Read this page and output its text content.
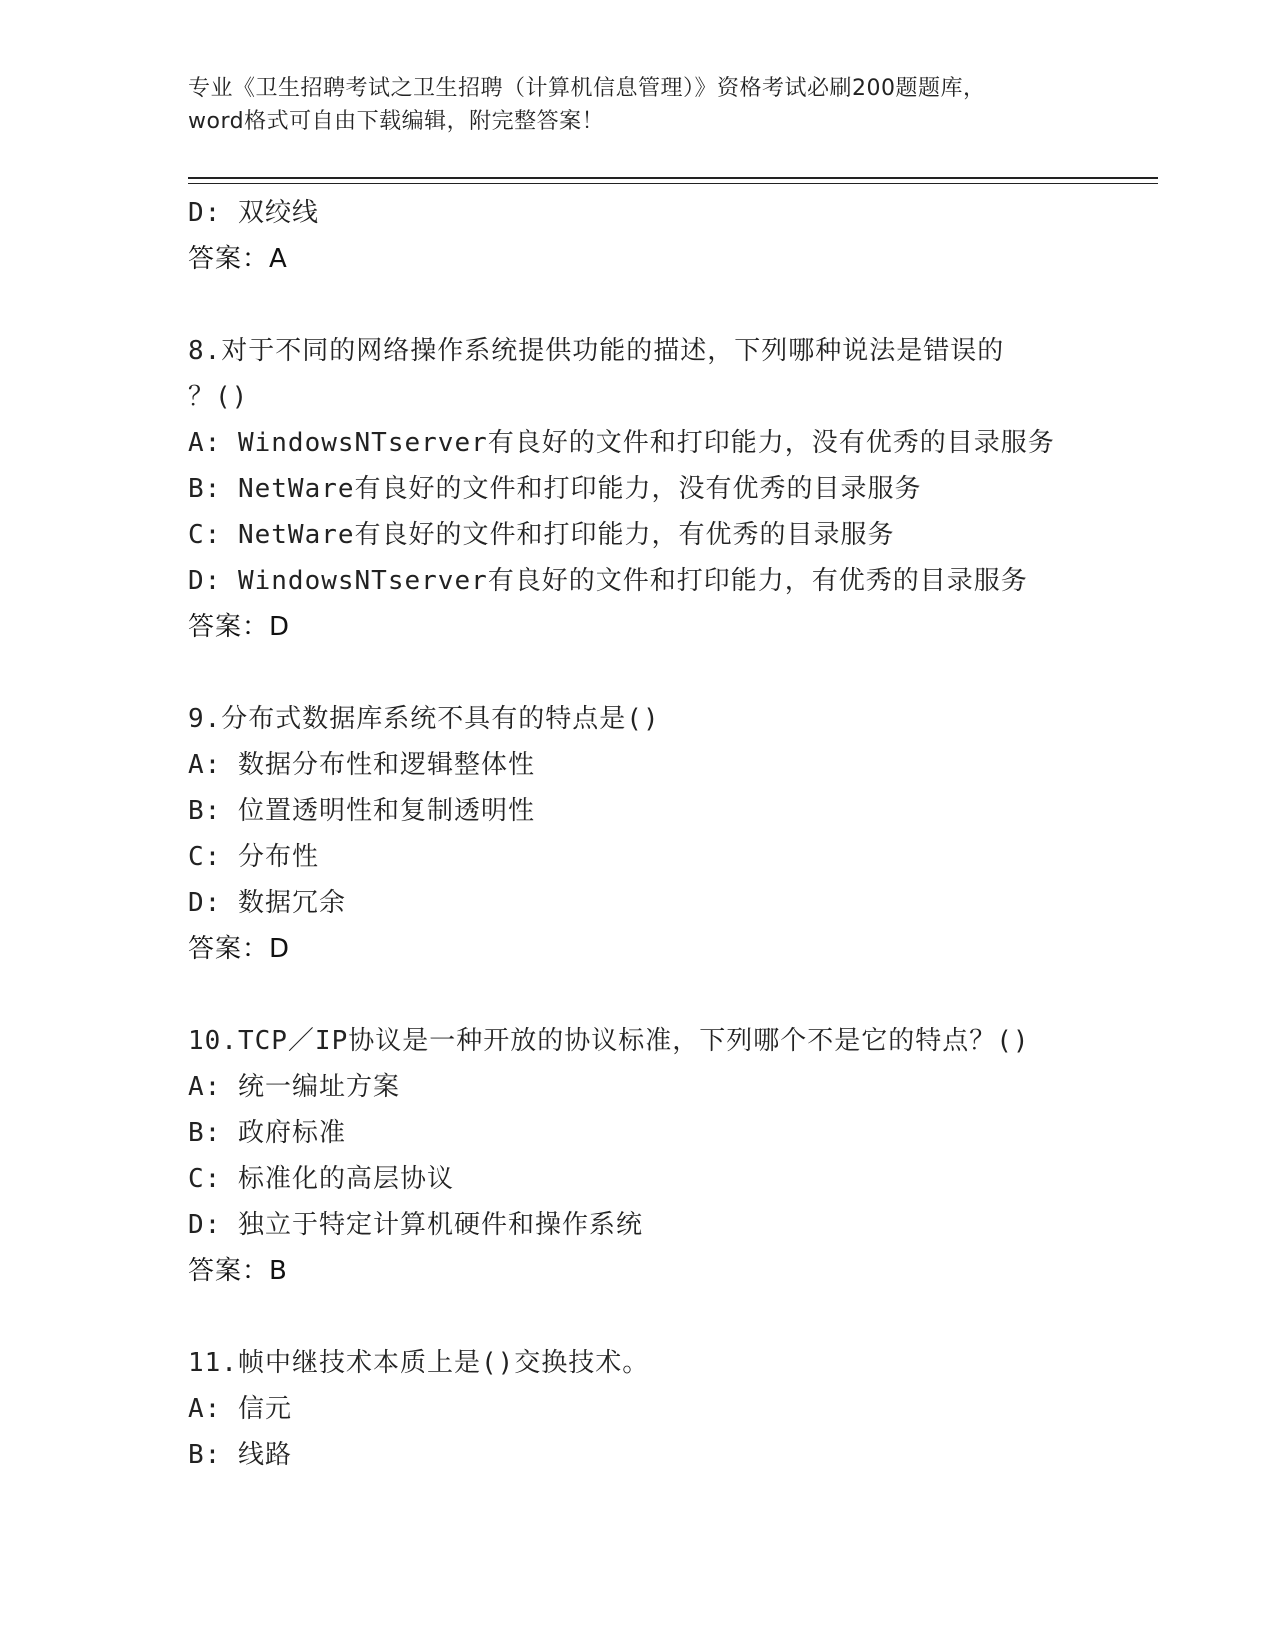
专业《卫生招聘考试之卫生招聘（计算机信息管理）》资格考试必刷200题题库，
word格式可自由下载编辑，附完整答案！
D: 双绞线
答案：A
8.对于不同的网络操作系统提供功能的描述，下列哪种说法是错误的
？()
A: WindowsNTserver有良好的文件和打印能力，没有优秀的目录服务
B: NetWare有良好的文件和打印能力，没有优秀的目录服务
C: NetWare有良好的文件和打印能力，有优秀的目录服务
D: WindowsNTserver有良好的文件和打印能力，有优秀的目录服务
答案：D
9.分布式数据库系统不具有的特点是()
A: 数据分布性和逻辑整体性
B: 位置透明性和复制透明性
C: 分布性
D: 数据冗余
答案：D
10.TCP／IP协议是一种开放的协议标准，下列哪个不是它的特点？()
A: 统一编址方案
B: 政府标准
C: 标准化的高层协议
D: 独立于特定计算机硬件和操作系统
答案：B
11.帧中继技术本质上是()交换技术。
A: 信元
B: 线路
